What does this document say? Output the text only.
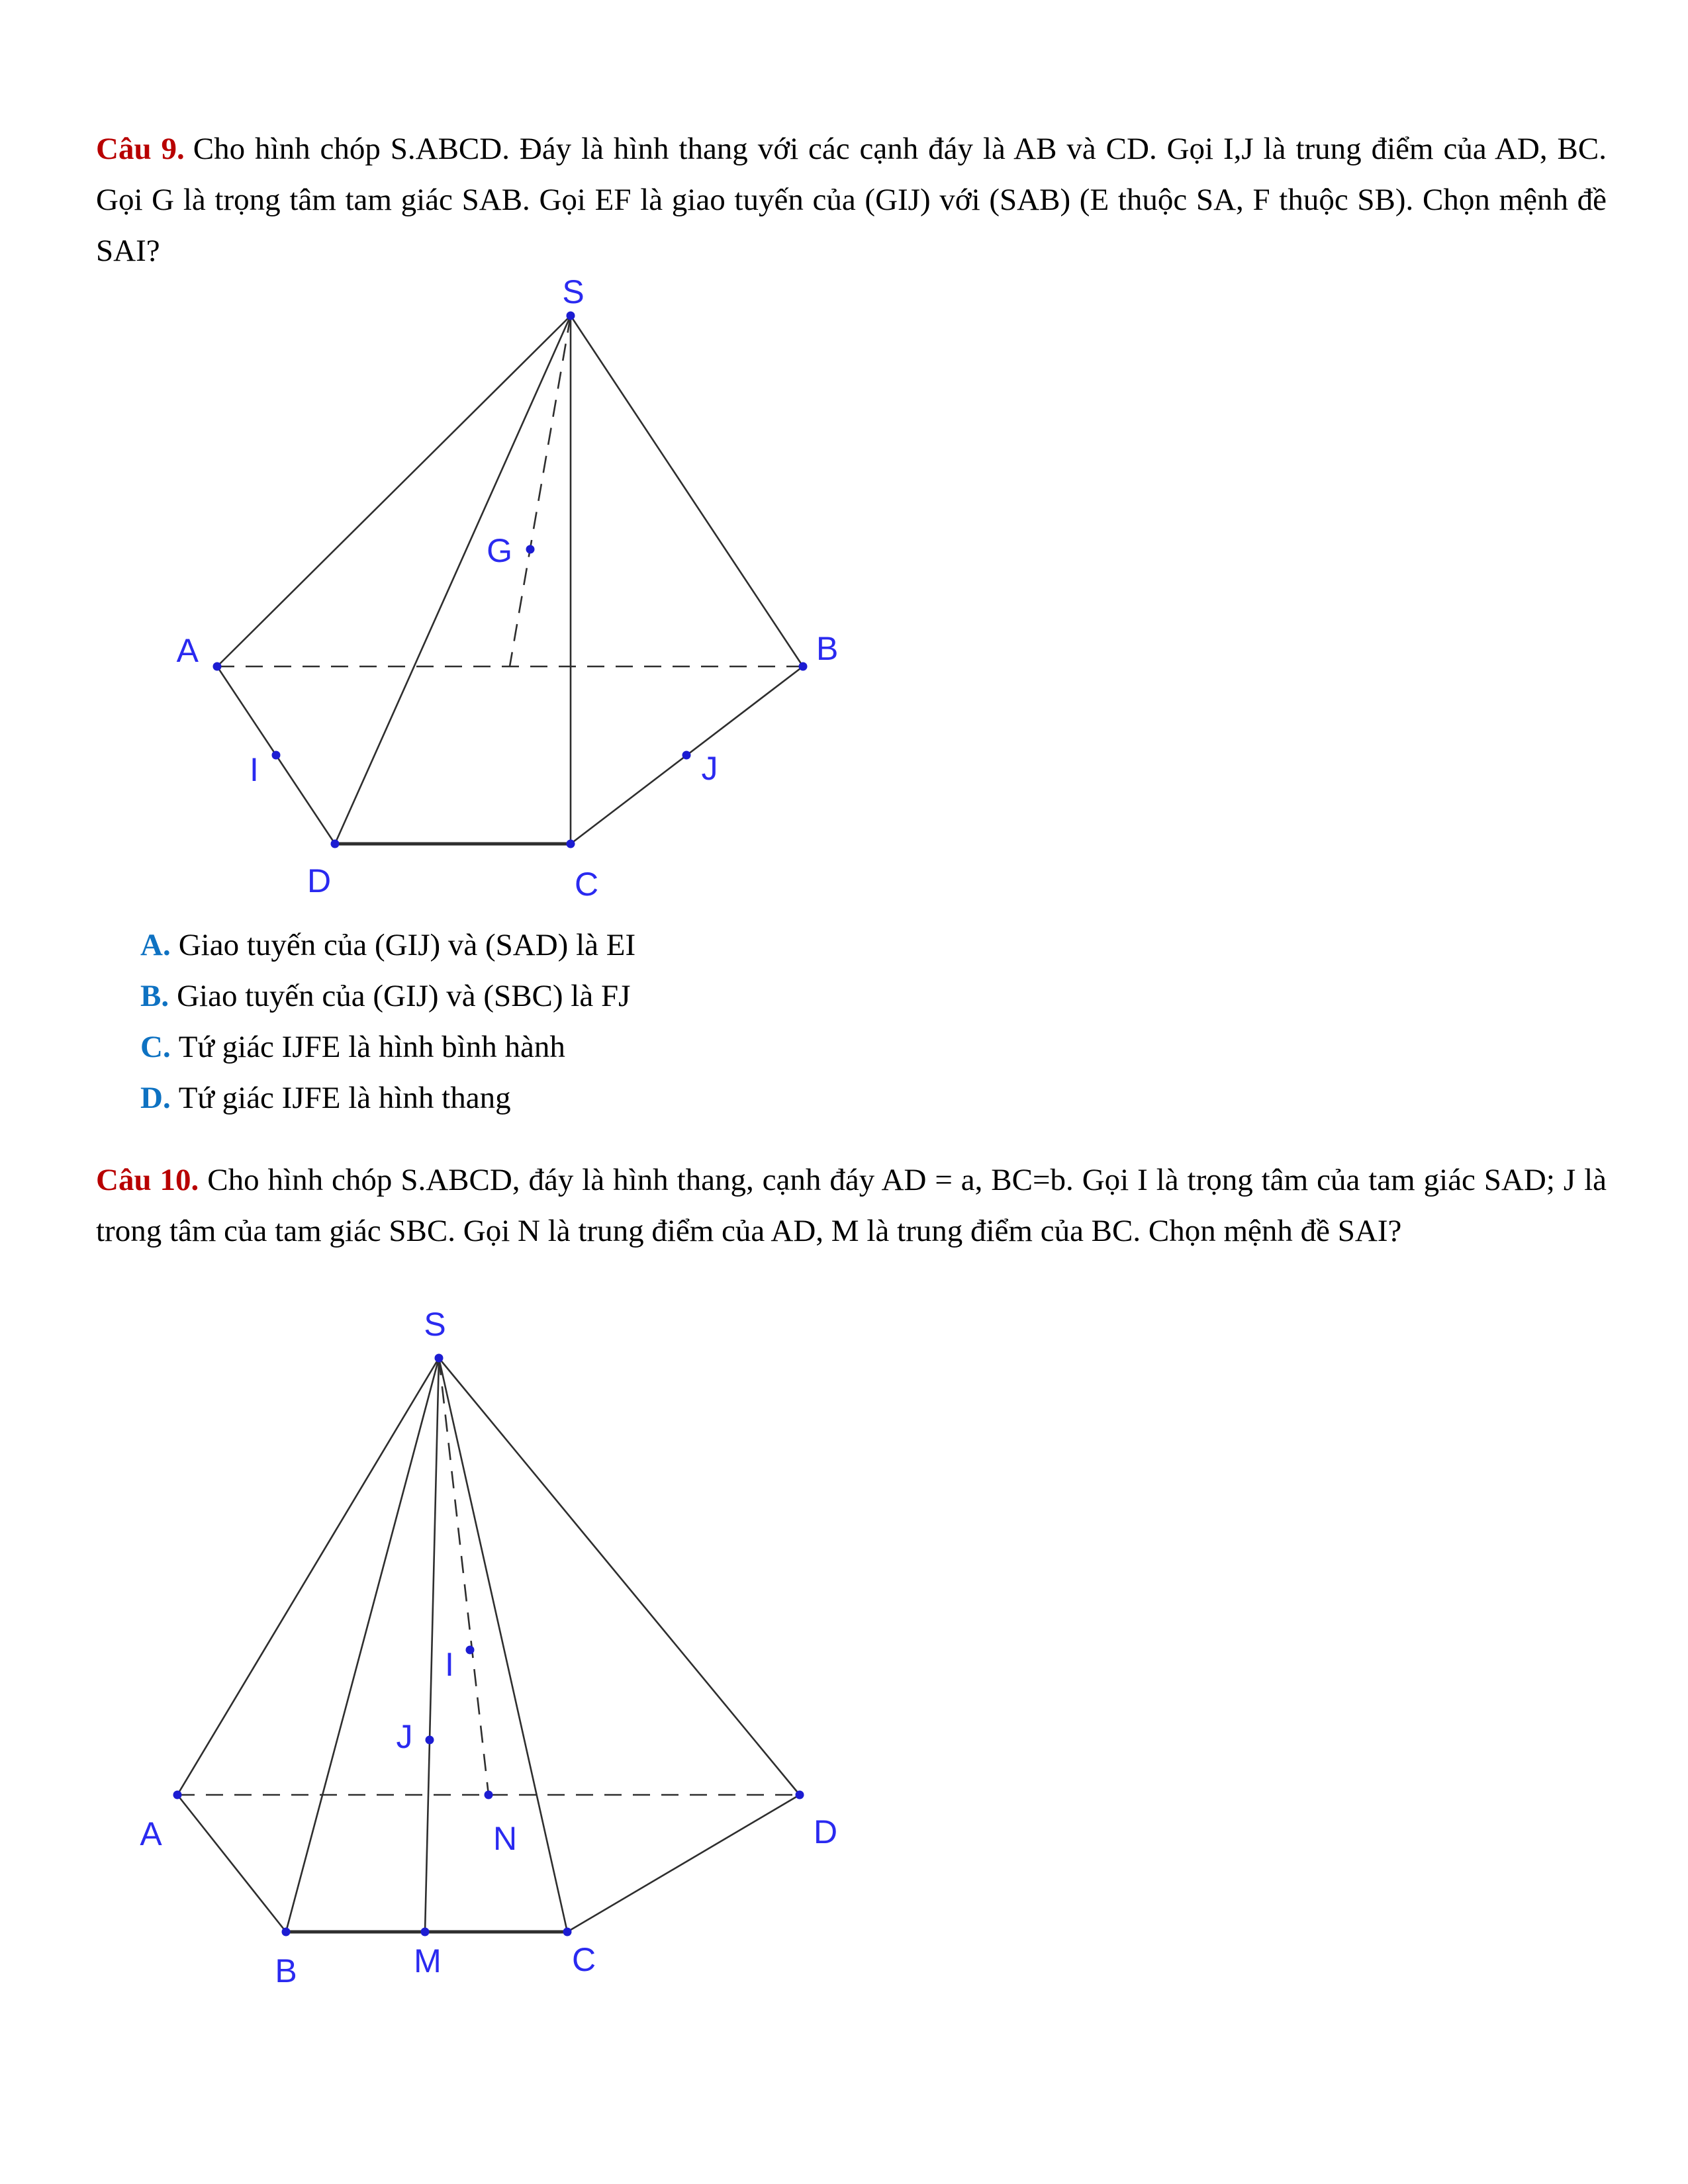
Câu 9. Cho hình chóp S.ABCD. Đáy là hình thang với các cạnh đáy là AB và CD. Gọi I,J là trung điểm của AD, BC. Gọi G là trọng tâm tam giác SAB. Gọi EF là giao tuyến của (GIJ) với (SAB) (E thuộc SA, F thuộc SB). Chọn mệnh đề SAI?

S
A	B
C
D
I	J
G
A. Giao tuyến của (GIJ) và (SAD) là EI
B. Giao tuyến của (GIJ) và (SBC) là FJ
C. Tứ giác IJFE là hình bình hành
D. Tứ giác IJFE là hình thang

Câu 10. Cho hình chóp S.ABCD, đáy là hình thang, cạnh đáy AD = a, BC=b. Gọi I là trọng tâm của tam giác SAD; J là trong tâm của tam giác SBC. Gọi N là trung điểm của AD, M là trung điểm của BC. Chọn mệnh đề SAI?

S
A	D
B	M	C
N
I
J
